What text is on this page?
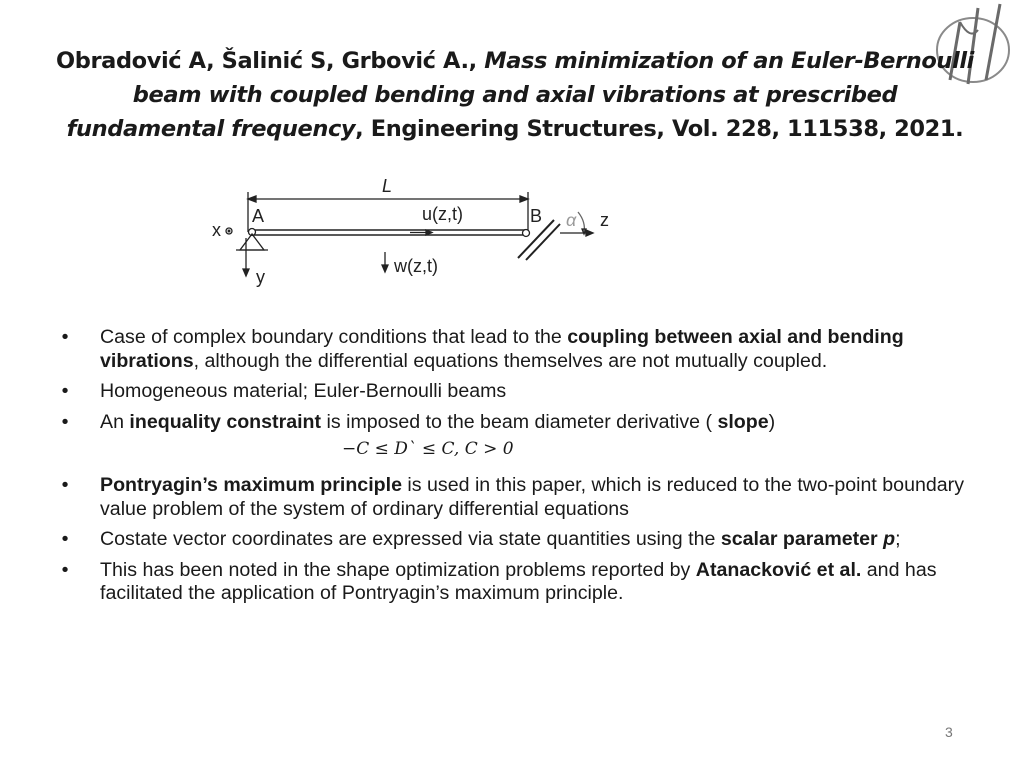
Obradović A, Šalinić S, Grbović A., Mass minimization of an Euler-Bernoulli beam with coupled bending and axial vibrations at prescribed fundamental frequency, Engineering Structures, Vol. 228, 111538, 2021.
L
A	B
u(z,t)
w(z,t)
x
y
z
α
• Case of complex boundary conditions that lead to the coupling between axial and bending vibrations, although the differential equations themselves are not mutually coupled.
• Homogeneous material; Euler-Bernoulli beams
• An inequality constraint is imposed to the beam diameter derivative ( slope)
−C ≤ D` ≤ C, C > 0
• Pontryagin’s maximum principle is used in this paper, which is reduced to the two-point boundary value problem of the system of ordinary differential equations
• Costate vector coordinates are expressed via state quantities using the scalar parameter p;
• This has been noted in the shape optimization problems reported by Atanacković et al. and has facilitated the application of Pontryagin’s maximum principle.
3
